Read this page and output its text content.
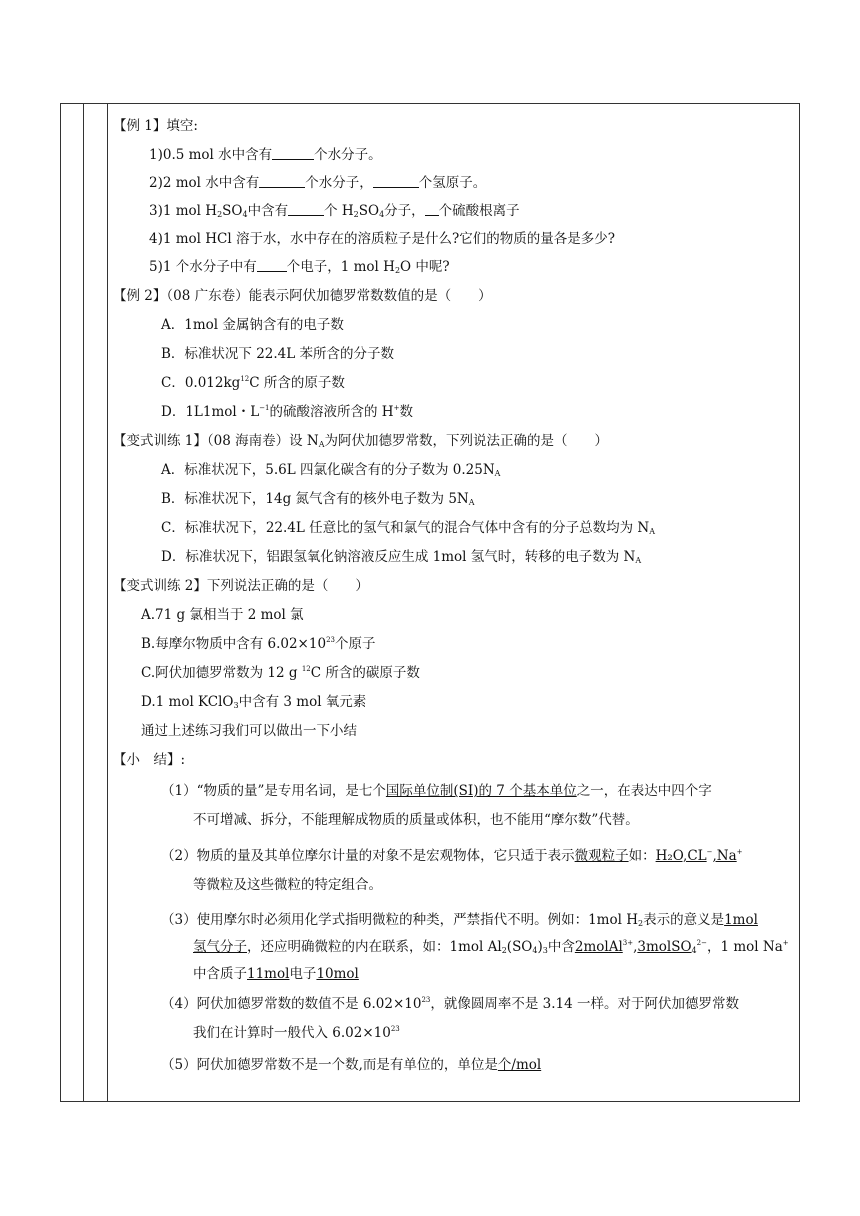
【例 1】填空:
1)0.5 mol 水中含有	个水分子。
2)2 mol 水中含有	个水分子，	个氢原子。
3)1 mol $H_2SO_4$中含有	个 $H_2SO_4$分子， 个硫酸根离子
4)1 mol HCl 溶于水，水中存在的溶质粒子是什么?它们的物质的量各是多少?
5)1 个水分子中有 个电子，1 mol $H_2O$ 中呢?
【例 2】（08 广东卷）能表示阿伏加德罗常数数值的是（　　）
A．1mol 金属钠含有的电子数
B．标准状况下 22.4L 苯所含的分子数
C．$0.012kg^{12}C$ 所含的原子数
D．1L1mol・$L^{-1}$的硫酸溶液所含的 H+数
【变式训练 1】（08 海南卷）设 $N_A$为阿伏加德罗常数，下列说法正确的是（　　）
A．标准状况下，5.6L 四氯化碳含有的分子数为 $0.25N_A$
B．标准状况下，14g 氮气含有的核外电子数为 $5N_A$
C．标准状况下，22.4L 任意比的氢气和氯气的混合气体中含有的分子总数均为 $N_A$
D．标准状况下，铝跟氢氧化钠溶液反应生成 1mol 氢气时，转移的电子数为 $N_A$
【变式训练 2】下列说法正确的是（　　）
A.71 g 氯相当于 2 mol 氯
B.每摩尔物质中含有 $6.02\times 10^{23}$个原子
C.阿伏加德罗常数为 12 g $^{12}$C 所含的碳原子数
D.1 mol KClO$_3$中含有 3 mol 氧元素
通过上述练习我们可以做出一下小结
【小　结】:
（1）“物质的量”是专用名词，是七个国际单位制(SI)的 7 个基本单位之一，在表达中四个字
不可增减、拆分，不能理解成物质的质量或体积，也不能用“摩尔数”代替。
（2）物质的量及其单位摩尔计量的对象不是宏观物体，它只适于表示微观粒子如：H₂O,CL−,Na+
等微粒及这些微粒的特定组合。
（3）使用摩尔时必须用化学式指明微粒的种类，严禁指代不明。例如：1mol $H_2$表示的意义是1mol
氢气分子，还应明确微粒的内在联系，如：1mol $Al_2(SO_4)_3$中含2molAl$^{3+}$,3molSO$_4^{2-}$，1 mol Na+
中含质子11mol电子10mol
（4）阿伏加德罗常数的数值不是 $6.02\times 10^{23}$，就像圆周率不是 3.14 一样。对于阿伏加德罗常数
我们在计算时一般代入 $6.02\times 10^{23}$
（5）阿伏加德罗常数不是一个数,而是有单位的，单位是个/mol
